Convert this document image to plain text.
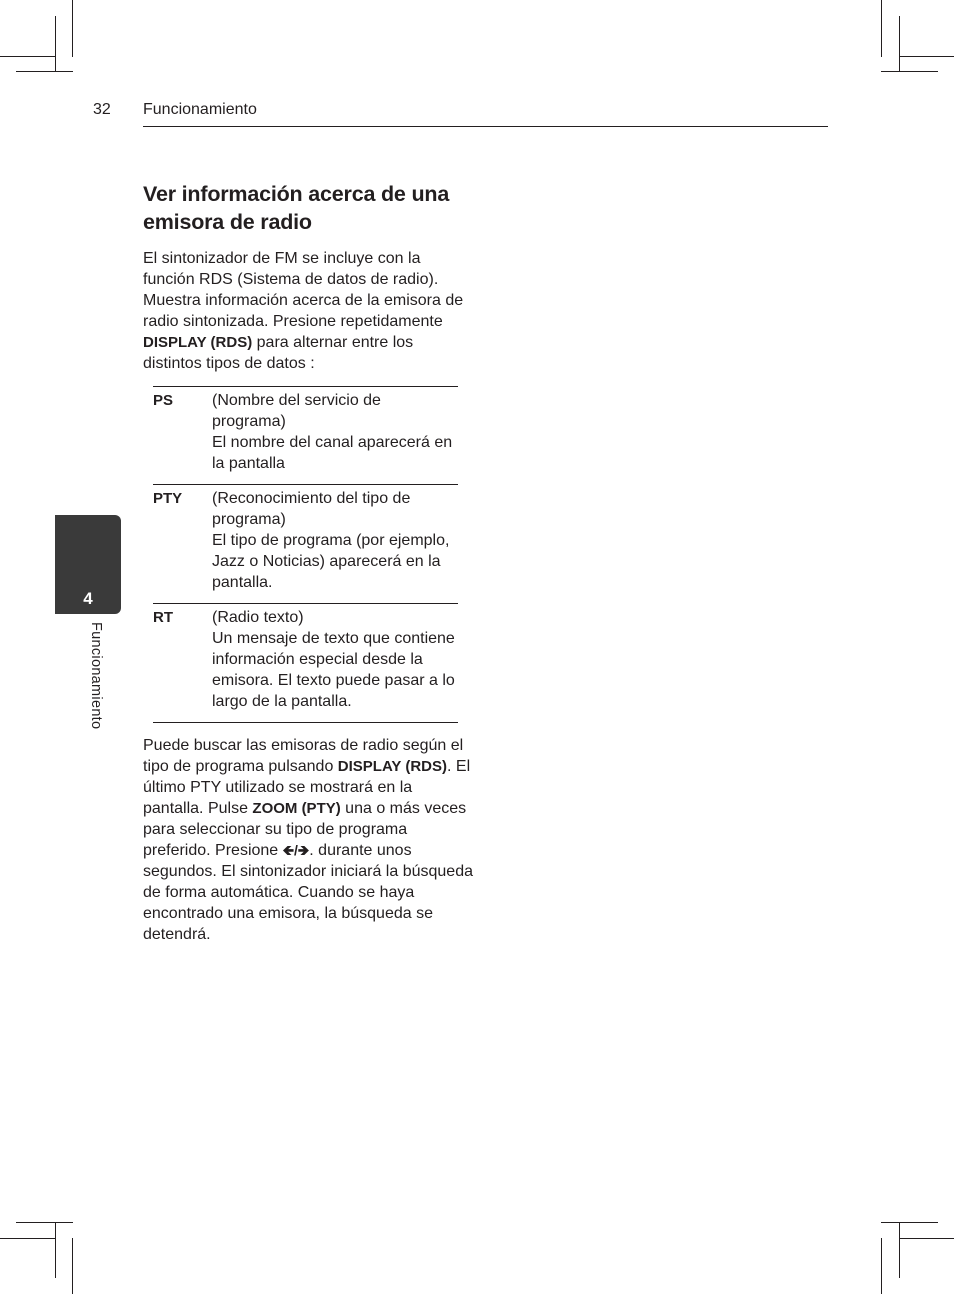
32 Funcionamiento
4
Funcionamiento
Ver información acerca de una emisora de radio

El sintonizador de FM se incluye con la función RDS (Sistema de datos de radio). Muestra información acerca de la emisora de radio sintonizada. Presione repetidamente DISPLAY (RDS) para alternar entre los distintos tipos de datos :

PS	(Nombre del servicio de programa)
El nombre del canal aparecerá en la pantalla
PTY	(Reconocimiento del tipo de programa)
El tipo de programa (por ejemplo, Jazz o Noticias) aparecerá en la pantalla.
RT	(Radio texto)
Un mensaje de texto que contiene información especial desde la emisora. El texto puede pasar a lo largo de la pantalla.

Puede buscar las emisoras de radio según el tipo de programa pulsando DISPLAY (RDS). El último PTY utilizado se mostrará en la pantalla. Pulse ZOOM (PTY) una o más veces para seleccionar su tipo de programa preferido. Presione 🡸/🡺. durante unos segundos. El sintonizador iniciará la búsqueda de forma automática. Cuando se haya encontrado una emisora, la búsqueda se detendrá.
